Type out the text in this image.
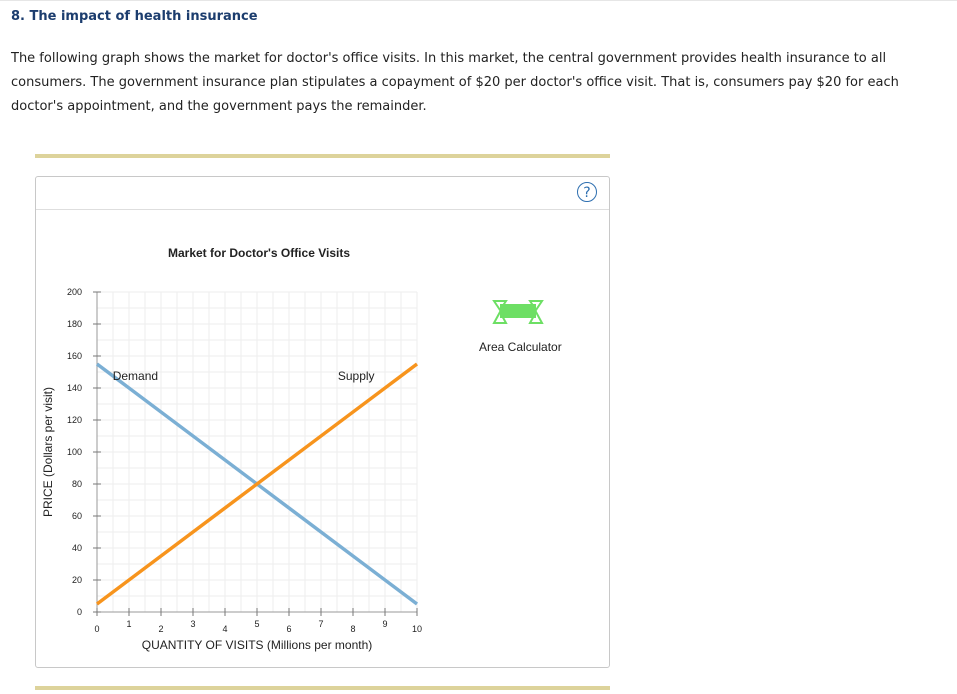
8. The impact of health insurance
The following graph shows the market for doctor's office visits. In this market, the central government provides health insurance to all consumers. The government insurance plan stipulates a copayment of $20 per doctor's office visit. That is, consumers pay $20 for each doctor's appointment, and the government pays the remainder.
?
0
20
40
60
80
100
120
140
160
180
200
0	1	2	3	4	5	6	7	8	9	10
Demand	Supply
Market for Doctor's Office Visits
QUANTITY OF VISITS (Millions per month)
PRICE (Dollars per visit)
Area Calculator
